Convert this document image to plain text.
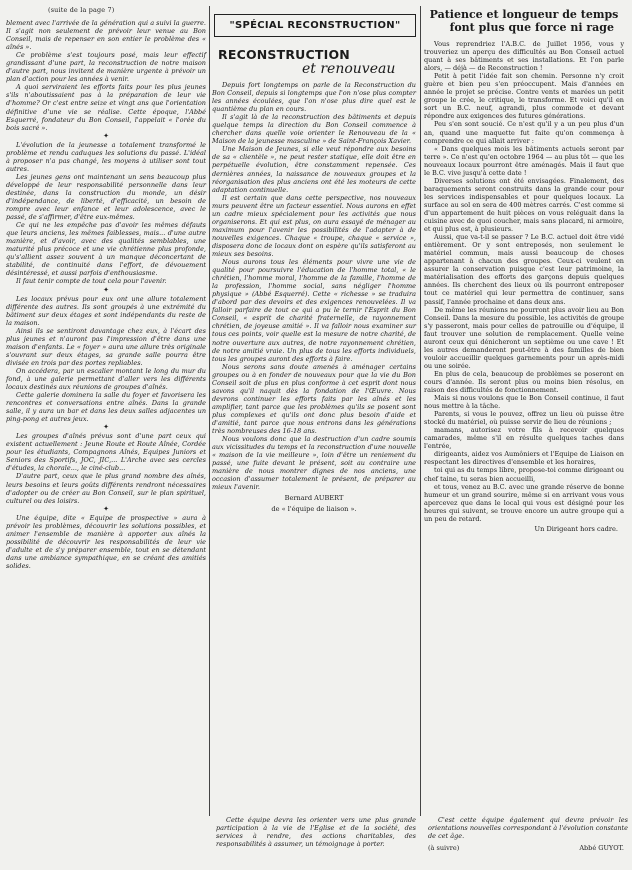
(suite de la page 7)

blement avec l'arrivée de la génération qui a suivi la guerre. Il s'agit non seulement de prévoir leur venue au Bon Conseil, mais de repenser en son entier le problème des « aînés ».

Ce problème s'est toujours posé, mais leur effectif grandissant d'une part, la reconstruction de notre maison d'autre part, nous invitent de manière urgente à prévoir un plan d'action pour les années à venir.

A quoi serviraient les efforts faits pour les plus jeunes s'ils n'aboutissaient pas à la préparation de leur vie d'homme? Or c'est entre seize et vingt ans que l'orientation définitive d'une vie se réalise. Cette époque, l'Abbé Esquerré, fondateur du Bon Conseil, l'appelait « l'orée du bois sacré ».

✦

L'évolution de la jeunesse a totalement transformé le problème et rendu caduques les solutions du passé. L'idéal à proposer n'a pas changé, les moyens à utiliser sont tout autres.

Les jeunes gens ont maintenant un sens beaucoup plus développé de leur responsabilité personnelle dans leur destinée, dans la construction du monde, un désir d'indépendance, de liberté, d'efficacité, un besoin de rompre avec leur enfance et leur adolescence, avec le passé, de s'affirmer, d'être eux-mêmes.

Ce qui ne les empêche pas d'avoir les mêmes défauts que leurs anciens, les mêmes faiblesses, mais... d'une autre manière, et d'avoir, avec des qualités semblables, une maturité plus précoce et une vie chrétienne plus profonde, qu's'allient assez souvent à un manque déconcertant de stabilité, de continuité dans l'effort, de dévouement désintéressé, et aussi parfois d'enthousiasme.

Il faut tenir compte de tout cela pour l'avenir.

✦

Les locaux prévus pour eux ont une allure totalement différente des autres. Ils sont groupés à une extrémité du bâtiment sur deux étages et sont indépendants du reste de la maison.

Ainsi ils se sentiront davantage chez eux, à l'écart des plus jeunes et n'auront pas l'impression d'être dans une maison d'enfants. Le « foyer » aura une allure très originale s'ouvrant sur deux étages, sa grande salle pourra être divisée en trois par des portes repliables.

On accédera, par un escalier montant le long du mur du fond, à une galerie permettant d'aller vers les différents locaux destinés aux réunions de groupes d'aînés.

Cette galerie dominera la salle du foyer et favorisera les rencontres et conversations entre aînés. Dans la grande salle, il y aura un bar et dans les deux salles adjacentes un ping-pong et autres jeux.

✦

Les groupes d'aînés prévus sont d'une part ceux qui existent actuellement : Jeune Route et Route Aînée, Cordée pour les étudiants, Compagnons Aînés, Equipes Juniors et Seniors des Sportifs, JOC, JIC,... L'Arche avec ses cercles d'études, la chorale..., le ciné-club...

D'autre part, ceux que le plus grand nombre des aînés, leurs besoins et leurs goûts différents rendront nécessaires d'adopter ou de créer au Bon Conseil, sur le plan spirituel, culturel ou des loisirs.

✦

Une équipe, dite « Equipe de prospective » aura à prévoir les problèmes, découvrir les solutions possibles, et animer l'ensemble de manière à apporter aux aînés la possibilité de découvrir les responsabilités de leur vie d'adulte et de s'y préparer ensemble, tout en se détendant dans une ambiance sympathique, en se créant des amitiés solides.

"SPÉCIAL RECONSTRUCTION"
RECONSTRUCTION
et renouveau

Depuis fort longtemps on parle de la Reconstruction du Bon Conseil, depuis si longtemps que l'on n'ose plus compter les années écoulées, que l'on n'ose plus dire quel est le quantième du plan en cours.

Il s'agit là de la reconstruction des bâtiments et depuis quelque temps la direction du Bon Conseil commence à chercher dans quelle voie orienter le Renouveau de la « Maison de la jeunesse masculine » de Saint-François Xavier.

Une Maison de Jeunes, si elle veut répondre aux besoins de sa « clientèle », ne peut rester statique, elle doit être en perpétuelle évolution, être constamment repensée. Ces dernières années, la naissance de nouveaux groupes et la réorganisation des plus anciens ont été les moteurs de cette adaptation continuelle.

Il est certain que dans cette perspective, nos nouveaux murs peuvent être un facteur essentiel. Nous aurons en effet un cadre mieux spécialement pour les activités que nous organiserons. Et qui est plus, on aura essayé de ménager au maximum pour l'avenir les possibilités de l'adapter à de nouvelles exigences. Chaque « troupe, chaque « service », disposera donc de locaux dont on espère qu'ils satisferont au mieux ses besoins.

Nous aurons tous les éléments pour vivre une vie de qualité pour poursuivre l'éducation de l'homme total, « le chrétien, l'homme moral, l'homme de la famille, l'homme de la profession, l'homme social, sans négliger l'homme physique » (Abbé Esquerré). Cette « richesse » se traduira d'abord par des devoirs et des exigences renouvelées. Il va falloir parfaire de tout ce qui a pu le ternir l'Esprit du Bon Conseil, « esprit de charité fraternelle, de rayonnement chrétien, de joyeuse amitié ». Il va falloir nous examiner sur tous ces points, voir quelle est la mesure de notre charité, de notre ouverture aux autres, de notre rayonnement chrétien, de notre amitié vraie. Un plus de tous les efforts individuels, tous les groupes auront des efforts à faire.

Nous serons sans doute amenés à aménager certains groupes ou à en fonder de nouveaux pour que la vie du Bon Conseil soit de plus en plus conforme à cet esprit dont nous savons qu'il naquit dès la fondation de l'Œuvre. Nous devrons continuer les efforts faits par les aînés et les amplifier, tant parce que les problèmes qu'ils se posent sont plus complexes et qu'ils ont donc plus besoin d'aide et d'amitié, tant parce que nous entrons dans les générations très nombreuses des 16-18 ans.

Nous voulons donc que la destruction d'un cadre soumis aux vicissitudes du temps et la reconstruction d'une nouvelle « maison de la vie meilleure », loin d'être un reniement du passé, une fuite devant le présent, soit au contraire une manière de nous montrer dignes de nos anciens, une occasion d'assumer totalement le présent, de préparer au mieux l'avenir.

Bernard AUBERT
de « l'équipe de liaison ».
Patience et longueur de temps
font plus que force ni rage

Vous reprendriez l'A.B.C. de Juillet 1956, vous y trouveriez un aperçu des difficultés au Bon Conseil actuel quant à ses bâtiments et ses installations. Et l'on parle alors, — déjà — de Reconstruction !

Petit à petit l'idée fait son chemin. Personne n'y croit guère et bien peu s'en préoccupent. Mais d'années en année le projet se précise. Contre vents et marées un petit groupe le crée, le critique, le transforme. Et voici qu'il en sort un B.C. neuf, agrandi, plus commode et devant répondre aux exigences des futures générations.

Peu s'en sont soucié. Ce n'est qu'il y a un peu plus d'un an, quand une maquette fut faite qu'on commença à comprendre ce qui allait arriver :

« Dans quelques mois les bâtiments actuels seront par terre ». Ce n'est qu'en octobre 1964 — au plus tôt — que les nouveaux locaux pourront être aménagés. Mais il faut que le B.C. vive jusqu'à cette date !

Diverses solutions ont été envisagées. Finalement, des baraquements seront construits dans la grande cour pour les services indispensables et pour quelques locaux. La surface au sol en sera de 400 mètres carrés. C'est comme si d'un appartement de huit pièces on vous reléguait dans la cuisine avec de quoi coucher, mais sans placard, ni armoire, et qui plus est, à plusieurs.

Aussi, que va-t-il se passer ? Le B.C. actuel doit être vidé entièrement. Or y sont entreposés, non seulement le matériel commun, mais aussi beaucoup de choses appartenant à chacun des groupes. Ceux-ci veulent en assurer la conservation puisque c'est leur patrimoine, la matérialisation des efforts des garçons depuis quelques années. Ils cherchent des lieux où ils pourront entreposer tout ce matériel qui leur permettra de continuer, sans passif, l'année prochaine et dans deux ans.

De même les réunions ne pourront plus avoir lieu au Bon Conseil. Dans la mesure du possible, les activités de groupe s'y passeront, mais pour celles de patrouille ou d'équipe, il faut trouver une solution de remplacement. Quelle veine auront ceux qui dénicheront un septième ou une cave ! Et les autres demanderont peut-être à des familles de bien vouloir accueillir quelques garnements pour un après-midi ou une soirée.

En plus de cela, beaucoup de problèmes se poseront en cours d'année. Ils seront plus ou moins bien résolus, en raison des difficultés de fonctionnement.

Mais si nous voulons que le Bon Conseil continue, il faut nous mettre à la tâche.

Parents, si vous le pouvez, offrez un lieu où puisse être stocké du matériel, où puisse servir de lieu de réunions ;

mamans, autorisez votre fils à recevoir quelques camarades, même s'il en résulte quelques taches dans l'entrée,

dirigeants, aidez vos Aumôniers et l'Equipe de Liaison en respectant les directives d'ensemble et les horaires,

toi qui as du temps libre, propose-toi comme dirigeant ou chef taine, tu seras bien accueilli,

et tous, venez au B.C. avec une grande réserve de bonne humeur et un grand sourire, même si en arrivant vous vous apercevez que dans le local qui vous est désigné pour les heures qui suivent, se trouve encore un autre groupe qui a un peu de retard.

Un Dirigeant hors cadre.

Cette équipe devra les orienter vers une plus grande participation à la vie de l'Eglise et de la société, des services à rendre, des actions charitables, des responsabilités à assumer, un témoignage à porter.

C'est cette équipe également qui devra prévoir les orientations nouvelles correspondant à l'évolution constante de cet âge.

(à suivre)	Abbé GUYOT.
